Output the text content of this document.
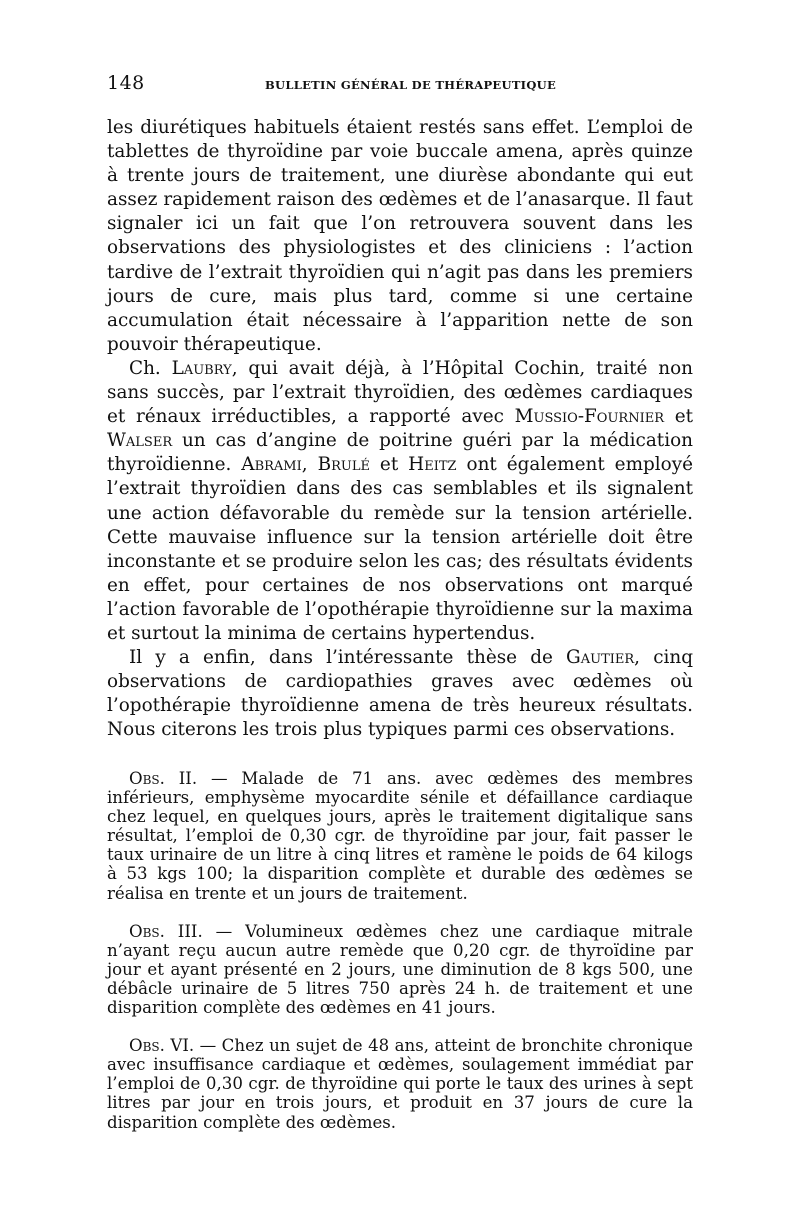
148	BULLETIN GÉNÉRAL DE THÉRAPEUTIQUE

les diurétiques habituels étaient restés sans effet. L’emploi de tablettes de thyroïdine par voie buccale amena, après quinze à trente jours de traitement, une diurèse abondante qui eut assez rapidement raison des œdèmes et de l’anasarque. Il faut signaler ici un fait que l’on retrouvera souvent dans les observations des physiologistes et des cliniciens : l’action tardive de l’extrait thyroïdien qui n’agit pas dans les premiers jours de cure, mais plus tard, comme si une certaine accumulation était nécessaire à l’apparition nette de son pouvoir thérapeutique.

Ch. Laubry, qui avait déjà, à l’Hôpital Cochin, traité non sans succès, par l’extrait thyroïdien, des œdèmes cardiaques et rénaux irréductibles, a rapporté avec Mussio-Fournier et Walser un cas d’angine de poitrine guéri par la médication thyroïdienne. Abrami, Brulé et Heitz ont également employé l’extrait thyroïdien dans des cas semblables et ils signalent une action défavorable du remède sur la tension artérielle. Cette mauvaise influence sur la tension artérielle doit être inconstante et se produire selon les cas; des résultats évidents en effet, pour certaines de nos observations ont marqué l’action favorable de l’opothérapie thyroïdienne sur la maxima et surtout la minima de certains hypertendus.

Il y a enfin, dans l’intéressante thèse de Gautier, cinq observations de cardiopathies graves avec œdèmes où l’opothérapie thyroïdienne amena de très heureux résultats. Nous citerons les trois plus typiques parmi ces observations.

Obs. II. — Malade de 71 ans. avec œdèmes des membres inférieurs, emphysème myocardite sénile et défaillance cardiaque chez lequel, en quelques jours, après le traitement digitalique sans résultat, l’emploi de 0,30 cgr. de thyroïdine par jour, fait passer le taux urinaire de un litre à cinq litres et ramène le poids de 64 kilogs à 53 kgs 100; la disparition complète et durable des œdèmes se réalisa en trente et un jours de traitement.

Obs. III. — Volumineux œdèmes chez une cardiaque mitrale n’ayant reçu aucun autre remède que 0,20 cgr. de thyroïdine par jour et ayant présenté en 2 jours, une diminution de 8 kgs 500, une débâcle urinaire de 5 litres 750 après 24 h. de traitement et une disparition complète des œdèmes en 41 jours.

Obs. VI. — Chez un sujet de 48 ans, atteint de bronchite chronique avec insuffisance cardiaque et œdèmes, soulagement immédiat par l’emploi de 0,30 cgr. de thyroïdine qui porte le taux des urines à sept litres par jour en trois jours, et produit en 37 jours de cure la disparition complète des œdèmes.
